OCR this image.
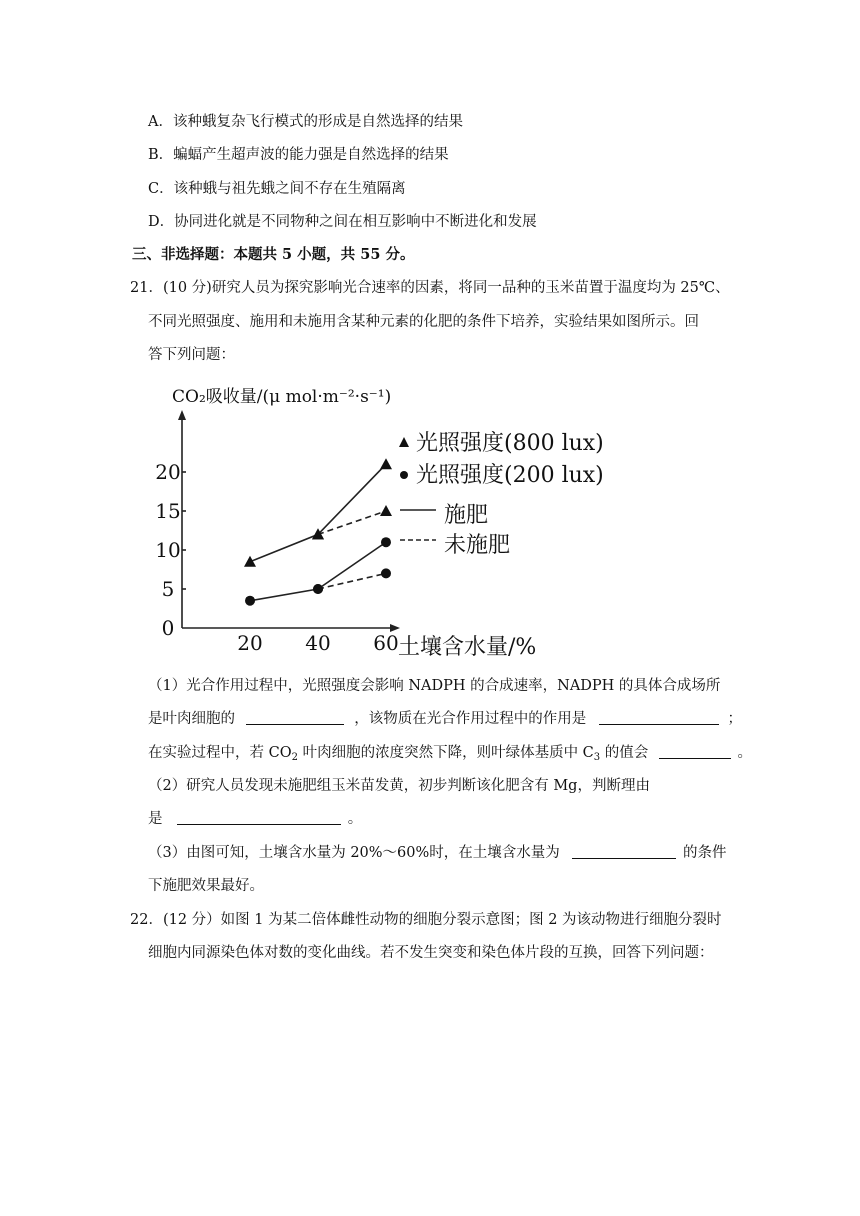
A．该种蛾复杂飞行模式的形成是自然选择的结果
B．蝙蝠产生超声波的能力强是自然选择的结果
C．该种蛾与祖先蛾之间不存在生殖隔离
D．协同进化就是不同物种之间在相互影响中不断进化和发展
三、非选择题：本题共 5 小题，共 55 分。
21．(10 分)研究人员为探究影响光合速率的因素，将同一品种的玉米苗置于温度均为 25℃、
不同光照强度、施用和未施用含某种元素的化肥的条件下培养，实验结果如图所示。回
答下列问题：
CO₂吸收量/(μ mol·m⁻²·s⁻¹)
0
5
10
15
20
20 40 60 土壤含水量/%
光照强度(800 lux)
光照强度(200 lux)
施肥
未施肥
（1）光合作用过程中，光照强度会影响 NADPH 的合成速率，NADPH 的具体合成场所
是叶肉细胞的	，该物质在光合作用过程中的作用是	；
在实验过程中，若 $CO_2$ 叶肉细胞的浓度突然下降，则叶绿体基质中 $C_3$ 的值会	。
（2）研究人员发现未施肥组玉米苗发黄，初步判断该化肥含有 Mg，判断理由
是	。
（3）由图可知，土壤含水量为 20%～60%时，在土壤含水量为	的条件
下施肥效果最好。
22．(12 分）如图 1 为某二倍体雌性动物的细胞分裂示意图；图 2 为该动物进行细胞分裂时
细胞内同源染色体对数的变化曲线。若不发生突变和染色体片段的互换，回答下列问题：
